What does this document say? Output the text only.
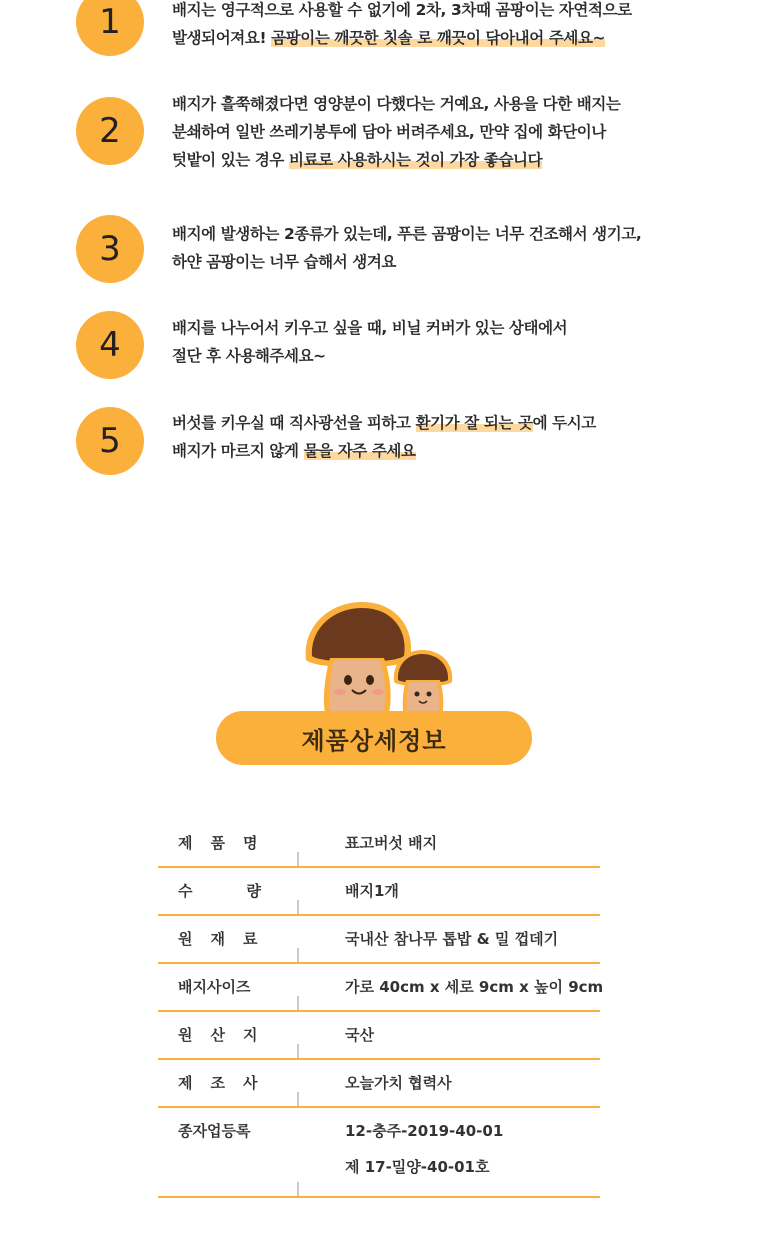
1	배지는 영구적으로 사용할 수 없기에 2차, 3차때 곰팡이는 자연적으로
발생되어져요! 곰팡이는 깨끗한 칫솔 로 깨끗이 닦아내어 주세요~
2
배지가 흘쭉해졌다면 영양분이 다했다는 거예요, 사용을 다한 배지는
분쇄하여 일반 쓰레기봉투에 담아 버려주세요, 만약 집에 화단이나
텃밭이 있는 경우 비료로 사용하시는 것이 가장 좋습니다
3	배지에 발생하는 2종류가 있는데, 푸른 곰팡이는 너무 건조해서 생기고,
하얀 곰팡이는 너무 습해서 생겨요
4	배지를 나누어서 키우고 싶을 때, 비닐 커버가 있는 상태에서
절단 후 사용해주세요~
5	버섯를 키우실 때 직사광선을 피하고 환기가 잘 되는 곳에 두시고
배지가 마르지 않게 물을 자주 주세요
제품상세정보
제품명	표고버섯 배지
수량 배지1개
원재료	국내산 참나무 톱밥 & 밀 껍데기
배지사이즈	가로 40cm x 세로 9cm x 높이 9cm
원산지	국산
제조사	오늘가치 협력사
종자업등록	12-충주-2019-40-01
제 17-밀양-40-01호
